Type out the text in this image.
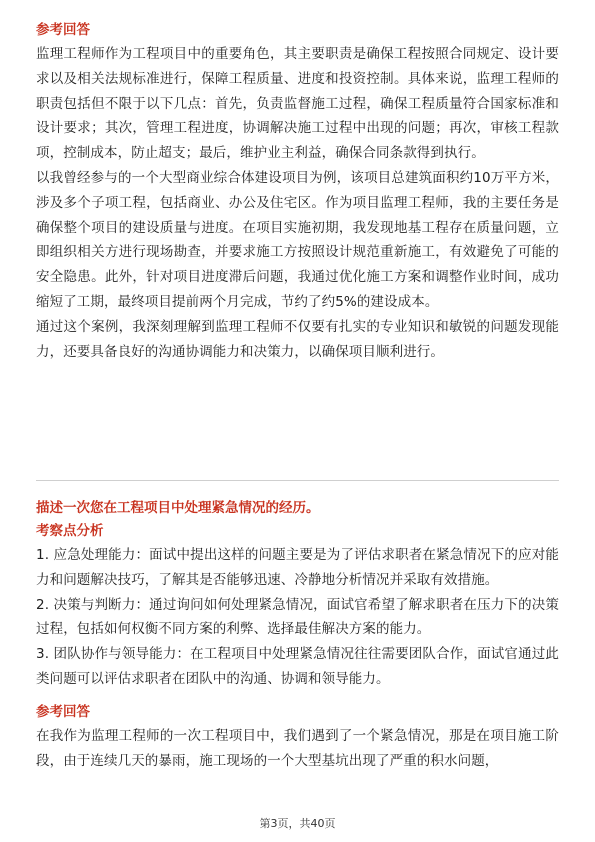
参考回答

监理工程师作为工程项目中的重要角色，其主要职责是确保工程按照合同规定、设计要求以及相关法规标准进行，保障工程质量、进度和投资控制。具体来说，监理工程师的职责包括但不限于以下几点：首先，负责监督施工过程，确保工程质量符合国家标准和设计要求；其次，管理工程进度，协调解决施工过程中出现的问题；再次，审核工程款项，控制成本，防止超支；最后，维护业主利益，确保合同条款得到执行。

以我曾经参与的一个大型商业综合体建设项目为例，该项目总建筑面积约10万平方米，涉及多个子项工程，包括商业、办公及住宅区。作为项目监理工程师，我的主要任务是确保整个项目的建设质量与进度。在项目实施初期，我发现地基工程存在质量问题，立即组织相关方进行现场勘查，并要求施工方按照设计规范重新施工，有效避免了可能的安全隐患。此外，针对项目进度滞后问题，我通过优化施工方案和调整作业时间，成功缩短了工期，最终项目提前两个月完成，节约了约5%的建设成本。

通过这个案例，我深刻理解到监理工程师不仅要有扎实的专业知识和敏锐的问题发现能力，还要具备良好的沟通协调能力和决策力，以确保项目顺利进行。

描述一次您在工程项目中处理紧急情况的经历。
考察点分析

1. 应急处理能力：面试中提出这样的问题主要是为了评估求职者在紧急情况下的应对能力和问题解决技巧，了解其是否能够迅速、冷静地分析情况并采取有效措施。

2. 决策与判断力：通过询问如何处理紧急情况，面试官希望了解求职者在压力下的决策过程，包括如何权衡不同方案的利弊、选择最佳解决方案的能力。

3. 团队协作与领导能力：在工程项目中处理紧急情况往往需要团队合作，面试官通过此类问题可以评估求职者在团队中的沟通、协调和领导能力。

参考回答

在我作为监理工程师的一次工程项目中，我们遇到了一个紧急情况，那是在项目施工阶段，由于连续几天的暴雨，施工现场的一个大型基坑出现了严重的积水问题，

第3页，共40页
